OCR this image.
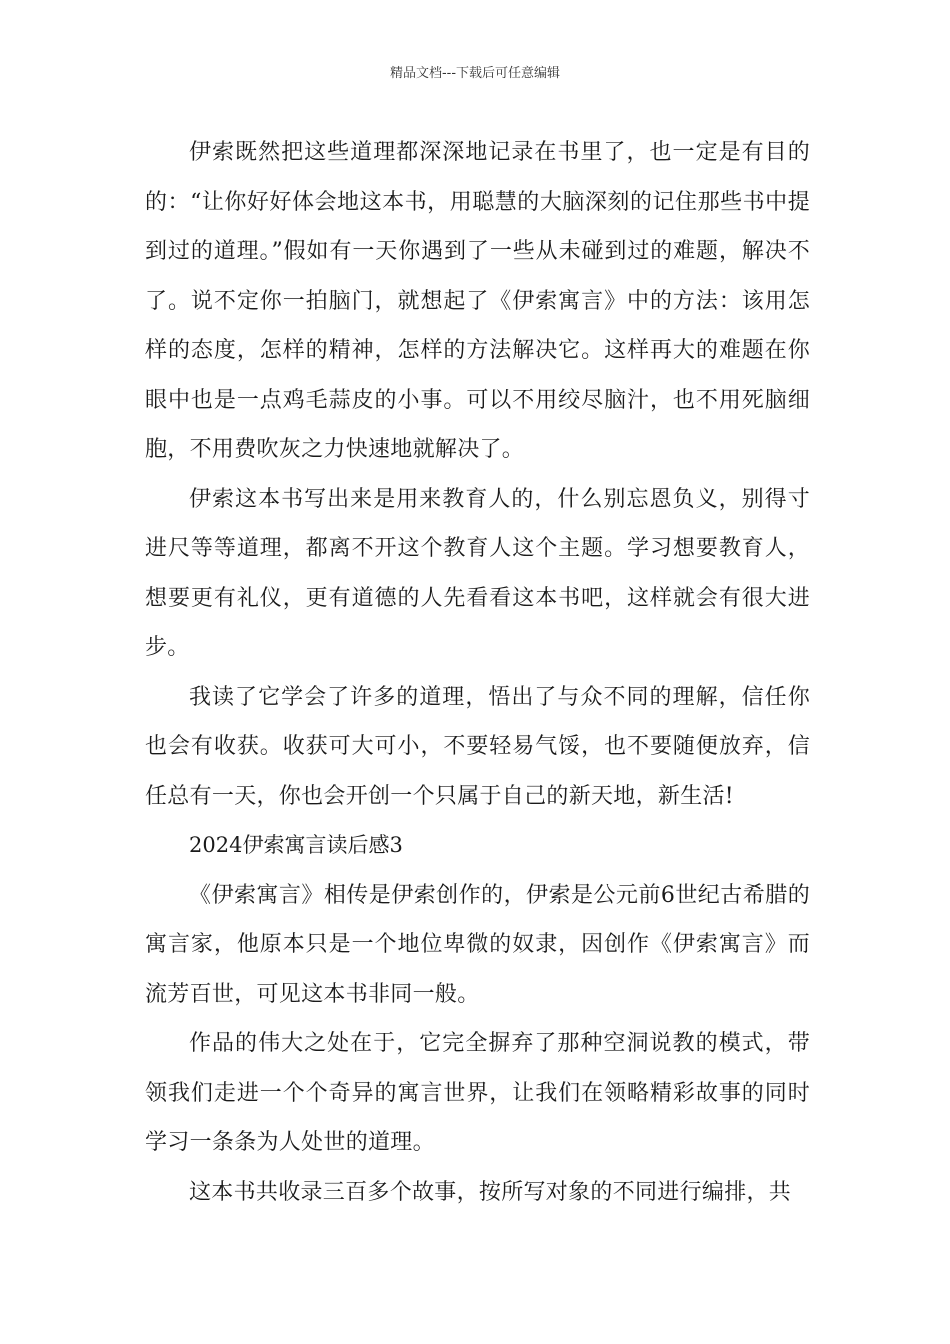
精品文档---下载后可任意编辑

伊索既然把这些道理都深深地记录在书里了，也一定是有目的的：“让你好好体会地这本书，用聪慧的大脑深刻的记住那些书中提到过的道理。”假如有一天你遇到了一些从未碰到过的难题，解决不了。说不定你一拍脑门，就想起了《伊索寓言》中的方法：该用怎样的态度，怎样的精神，怎样的方法解决它。这样再大的难题在你眼中也是一点鸡毛蒜皮的小事。可以不用绞尽脑汁，也不用死脑细胞，不用费吹灰之力快速地就解决了。

伊索这本书写出来是用来教育人的，什么别忘恩负义，别得寸进尺等等道理，都离不开这个教育人这个主题。学习想要教育人，想要更有礼仪，更有道德的人先看看这本书吧，这样就会有很大进步。

我读了它学会了许多的道理，悟出了与众不同的理解，信任你也会有收获。收获可大可小，不要轻易气馁，也不要随便放弃，信任总有一天，你也会开创一个只属于自己的新天地，新生活!

2024伊索寓言读后感3

《伊索寓言》相传是伊索创作的，伊索是公元前6世纪古希腊的寓言家，他原本只是一个地位卑微的奴隶，因创作《伊索寓言》而流芳百世，可见这本书非同一般。

作品的伟大之处在于，它完全摒弃了那种空洞说教的模式，带领我们走进一个个奇异的寓言世界，让我们在领略精彩故事的同时学习一条条为人处世的道理。

这本书共收录三百多个故事，按所写对象的不同进行编排，共
